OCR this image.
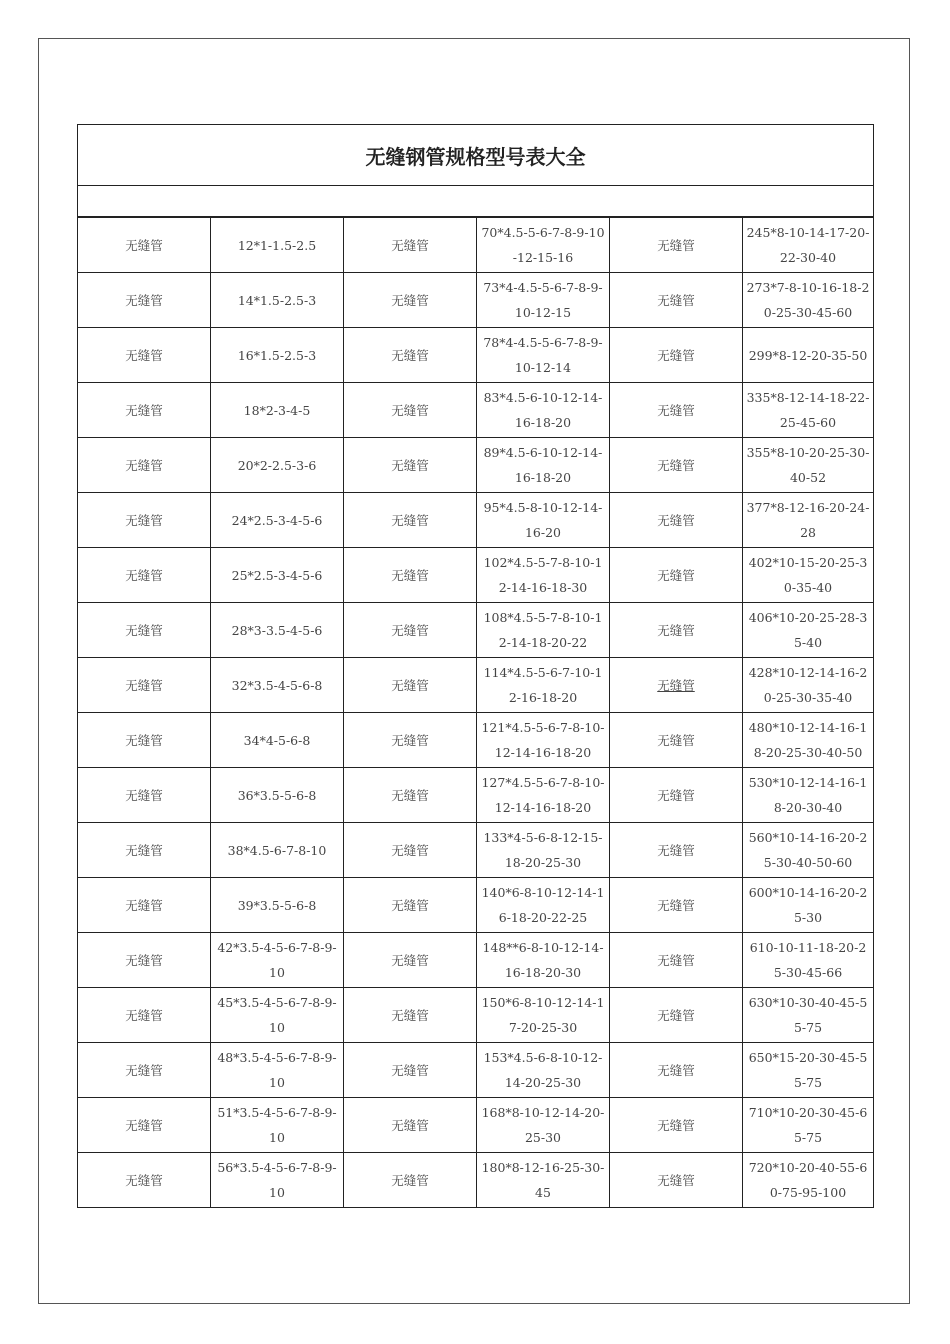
无缝钢管规格型号表大全					

无缝管	12*1-1.5-2.5	无缝管	70*4.5-5-6-7-8-9-10-12-15-16	无缝管	245*8-10-14-17-20-22-30-40

无缝管	14*1.5-2.5-3	无缝管	73*4-4.5-5-6-7-8-9-10-12-15	无缝管	273*7-8-10-16-18-20-25-30-45-60

无缝管	16*1.5-2.5-3	无缝管	78*4-4.5-5-6-7-8-9-10-12-14	无缝管	299*8-12-20-35-50

无缝管	18*2-3-4-5	无缝管	83*4.5-6-10-12-14-16-18-20	无缝管	335*8-12-14-18-22-25-45-60

无缝管	20*2-2.5-3-6	无缝管	89*4.5-6-10-12-14-16-18-20	无缝管	355*8-10-20-25-30-40-52

无缝管	24*2.5-3-4-5-6	无缝管	95*4.5-8-10-12-14-16-20	无缝管	377*8-12-16-20-24-28

无缝管	25*2.5-3-4-5-6	无缝管	102*4.5-5-7-8-10-12-14-16-18-30	无缝管	402*10-15-20-25-30-35-40

无缝管	28*3-3.5-4-5-6	无缝管	108*4.5-5-7-8-10-12-14-18-20-22	无缝管	406*10-20-25-28-35-40

无缝管	32*3.5-4-5-6-8	无缝管	114*4.5-5-6-7-10-12-16-18-20	无缝管	428*10-12-14-16-20-25-30-35-40

无缝管	34*4-5-6-8	无缝管	121*4.5-5-6-7-8-10-12-14-16-18-20	无缝管	480*10-12-14-16-18-20-25-30-40-50

无缝管	36*3.5-5-6-8	无缝管	127*4.5-5-6-7-8-10-12-14-16-18-20	无缝管	530*10-12-14-16-18-20-30-40

无缝管	38*4.5-6-7-8-10	无缝管	133*4-5-6-8-12-15-18-20-25-30	无缝管	560*10-14-16-20-25-30-40-50-60

无缝管	39*3.5-5-6-8	无缝管	140*6-8-10-12-14-16-18-20-22-25	无缝管	600*10-14-16-20-25-30

无缝管	42*3.5-4-5-6-7-8-9-10	无缝管	148**6-8-10-12-14-16-18-20-30	无缝管	610-10-11-18-20-25-30-45-66

无缝管	45*3.5-4-5-6-7-8-9-10	无缝管	150*6-8-10-12-14-17-20-25-30	无缝管	630*10-30-40-45-55-75

无缝管	48*3.5-4-5-6-7-8-9-10	无缝管	153*4.5-6-8-10-12-14-20-25-30	无缝管	650*15-20-30-45-55-75

无缝管	51*3.5-4-5-6-7-8-9-10	无缝管	168*8-10-12-14-20-25-30	无缝管	710*10-20-30-45-65-75

无缝管	56*3.5-4-5-6-7-8-9-10	无缝管	180*8-12-16-25-30-45	无缝管	720*10-20-40-55-60-75-95-100
